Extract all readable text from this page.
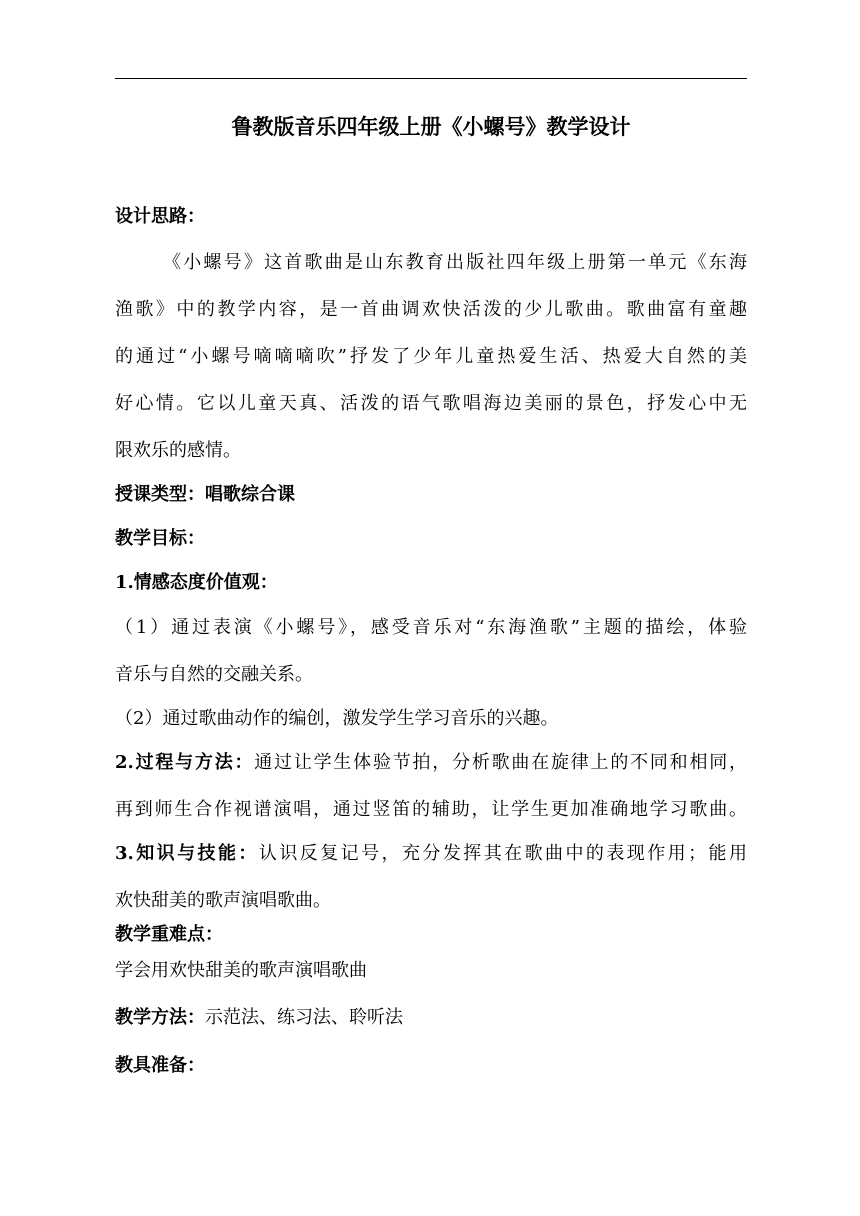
鲁教版音乐四年级上册《小螺号》教学设计
设计思路：
《小螺号》这首歌曲是山东教育出版社四年级上册第一单元《东海
渔歌》中的教学内容，是一首曲调欢快活泼的少儿歌曲。歌曲富有童趣
的通过“小螺号嘀嘀嘀吹”抒发了少年儿童热爱生活、热爱大自然的美
好心情。它以儿童天真、活泼的语气歌唱海边美丽的景色，抒发心中无
限欢乐的感情。
授课类型：唱歌综合课
教学目标：
1.情感态度价值观：
（1）通过表演《小螺号》，感受音乐对“东海渔歌”主题的描绘，体验
音乐与自然的交融关系。
（2）通过歌曲动作的编创，激发学生学习音乐的兴趣。
2.过程与方法：通过让学生体验节拍，分析歌曲在旋律上的不同和相同，
再到师生合作视谱演唱，通过竖笛的辅助，让学生更加准确地学习歌曲。
3.知识与技能：认识反复记号，充分发挥其在歌曲中的表现作用；能用
欢快甜美的歌声演唱歌曲。
教学重难点：
学会用欢快甜美的歌声演唱歌曲
教学方法：示范法、练习法、聆听法
教具准备：
